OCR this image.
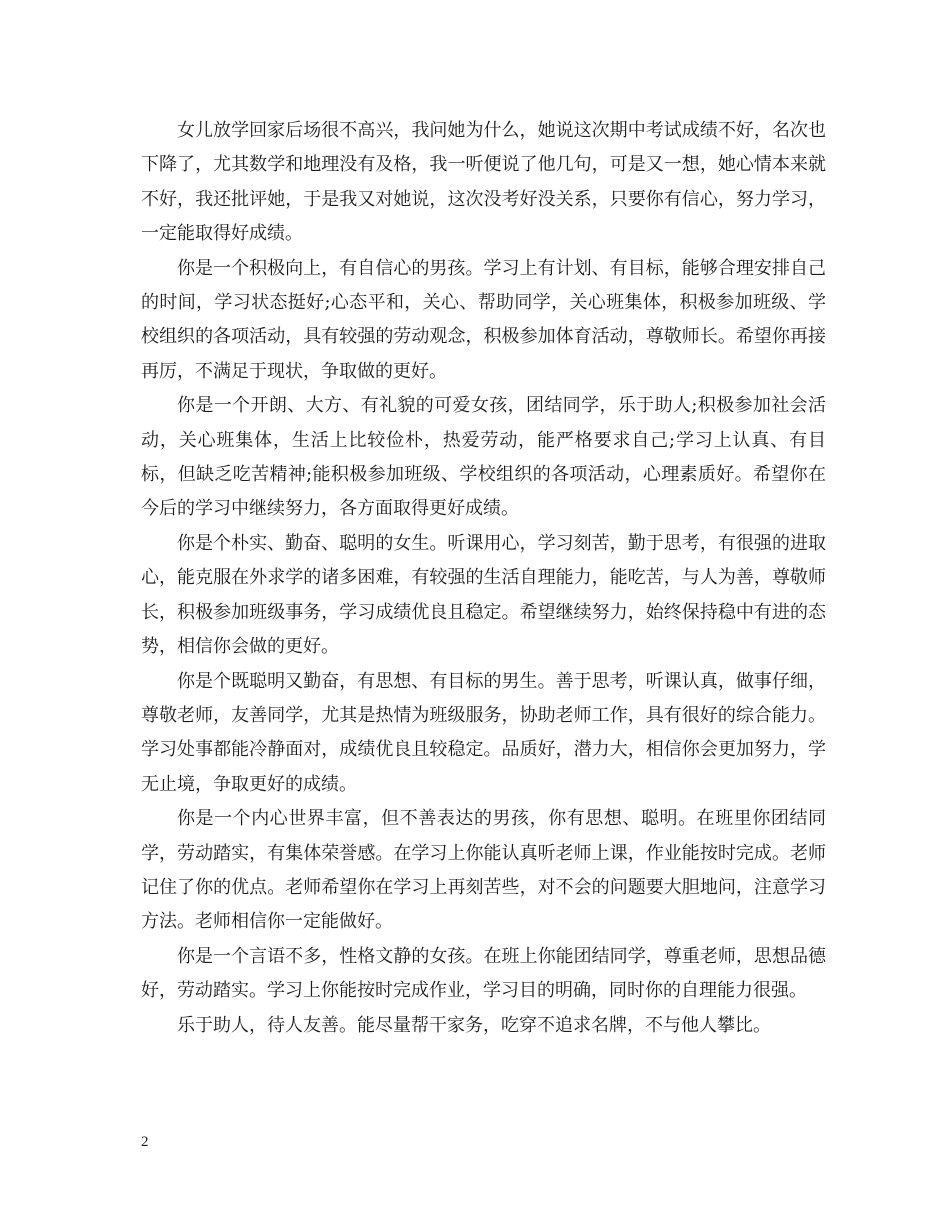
女儿放学回家后场很不高兴，我问她为什么，她说这次期中考试成绩不好，名次也下降了，尤其数学和地理没有及格，我一听便说了他几句，可是又一想，她心情本来就不好，我还批评她，于是我又对她说，这次没考好没关系，只要你有信心，努力学习，一定能取得好成绩。

你是一个积极向上，有自信心的男孩。学习上有计划、有目标，能够合理安排自己的时间，学习状态挺好;心态平和，关心、帮助同学，关心班集体，积极参加班级、学校组织的各项活动，具有较强的劳动观念，积极参加体育活动，尊敬师长。希望你再接再厉，不满足于现状，争取做的更好。

你是一个开朗、大方、有礼貌的可爱女孩，团结同学，乐于助人;积极参加社会活动，关心班集体，生活上比较俭朴，热爱劳动，能严格要求自己;学习上认真、有目标，但缺乏吃苦精神;能积极参加班级、学校组织的各项活动，心理素质好。希望你在今后的学习中继续努力，各方面取得更好成绩。

你是个朴实、勤奋、聪明的女生。听课用心，学习刻苦，勤于思考，有很强的进取心，能克服在外求学的诸多困难，有较强的生活自理能力，能吃苦，与人为善，尊敬师长，积极参加班级事务，学习成绩优良且稳定。希望继续努力，始终保持稳中有进的态势，相信你会做的更好。

你是个既聪明又勤奋，有思想、有目标的男生。善于思考，听课认真，做事仔细，尊敬老师，友善同学，尤其是热情为班级服务，协助老师工作，具有很好的综合能力。学习处事都能冷静面对，成绩优良且较稳定。品质好，潜力大，相信你会更加努力，学无止境，争取更好的成绩。

你是一个内心世界丰富，但不善表达的男孩，你有思想、聪明。在班里你团结同学，劳动踏实，有集体荣誉感。在学习上你能认真听老师上课，作业能按时完成。老师记住了你的优点。老师希望你在学习上再刻苦些，对不会的问题要大胆地问，注意学习方法。老师相信你一定能做好。

你是一个言语不多，性格文静的女孩。在班上你能团结同学，尊重老师，思想品德好，劳动踏实。学习上你能按时完成作业，学习目的明确，同时你的自理能力很强。

乐于助人，待人友善。能尽量帮干家务，吃穿不追求名牌，不与他人攀比。

2
